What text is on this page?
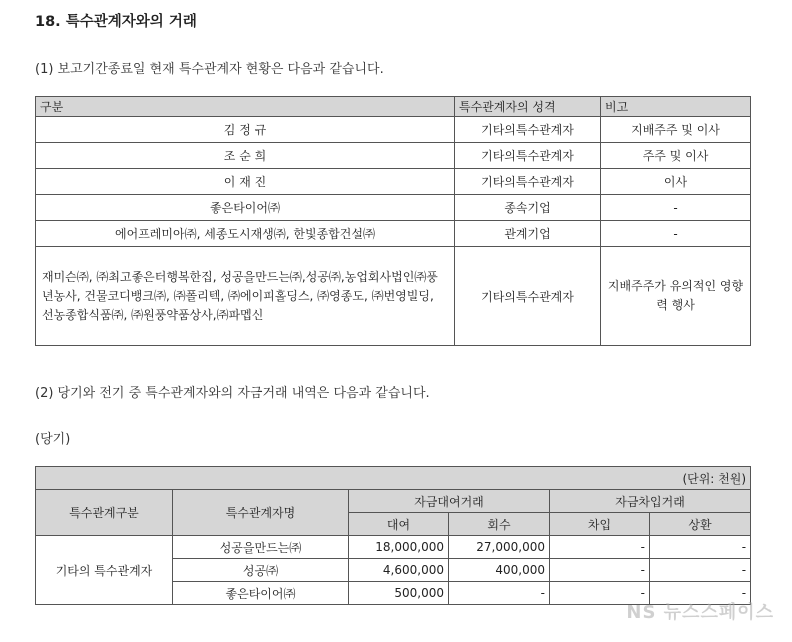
18. 특수관계자와의 거래
(1) 보고기간종료일 현재 특수관계자 현황은 다음과 같습니다.
구분	특수관계자의 성격	비고
김 정 규	기타의특수관계자	지배주주 및 이사
조 순 희	기타의특수관계자	주주 및 이사
이 재 진	기타의특수관계자	이사
좋은타이어㈜	종속기업	-
에어프레미아㈜, 세종도시재생㈜, 한빛종합건설㈜	관계기업	-
재미슨㈜, ㈜최고좋은터행복한집, 성공을만드는㈜,성공㈜,농업회사법인㈜풍년농사, 건물코디뱅크㈜, ㈜폴리텍, ㈜에이피홀딩스, ㈜영종도, ㈜번영빌딩, 선농종합식품㈜, ㈜원풍약품상사,㈜파멥신	기타의특수관계자	지배주주가 유의적인 영향력 행사
(2) 당기와 전기 중 특수관계자와의 자금거래 내역은 다음과 같습니다.
(당기)
(단위: 천원)					
특수관계구분	특수관계자명	자금대여거래		자금차입거래	
		대여	회수	차입	상환
기타의 특수관계자	성공을만드는㈜	18,000,000	27,000,000	-	-
	성공㈜	4,600,000	400,000	-	-
	좋은타이어㈜	500,000	-	-	-
NS 뉴스스페이스
